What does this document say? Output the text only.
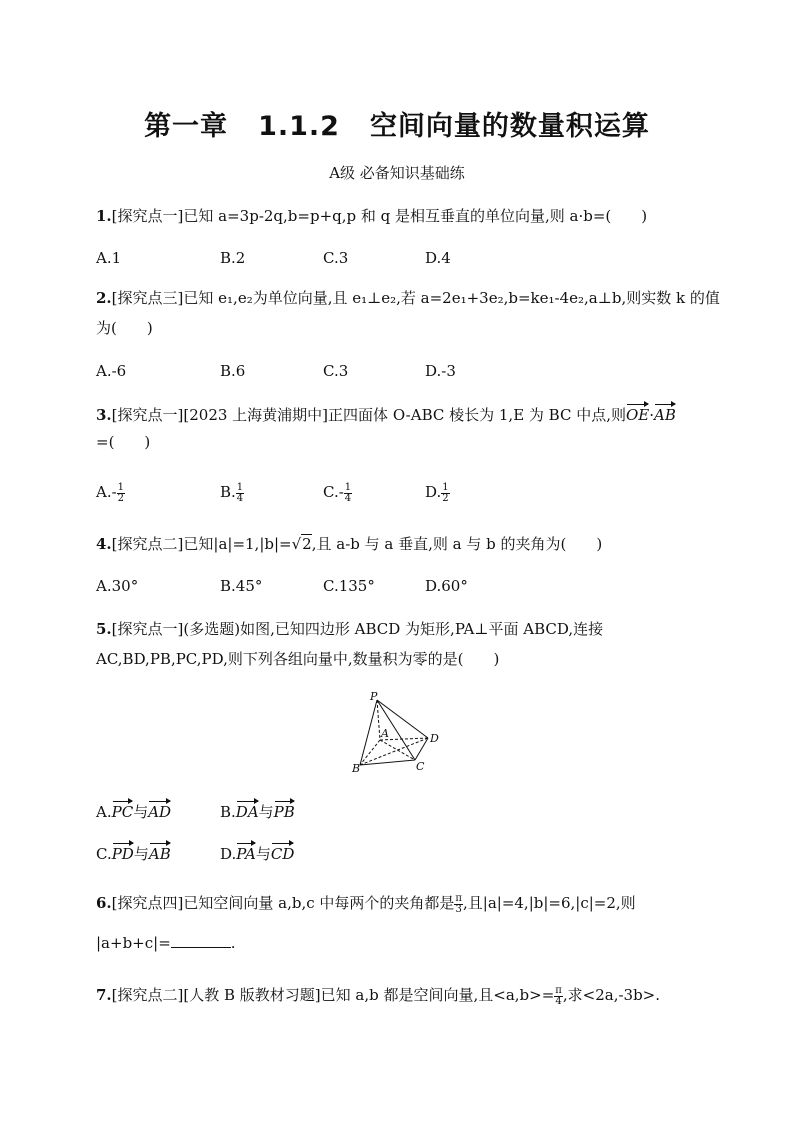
第一章 1.1.2 空间向量的数量积运算
A级 必备知识基础练
1.[探究点一]已知 a=3p-2q,b=p+q,p 和 q 是相互垂直的单位向量,则 a·b=(　　)
A.1	B.2	C.3	D.4
2.[探究点三]已知 e₁,e₂为单位向量,且 e₁⊥e₂,若 a=2e₁+3e₂,b=ke₁-4e₂,a⊥b,则实数 k 的值
为(　　)
A.-6	B.6	C.3	D.-3
3.[探究点一][2023 上海黄浦期中]正四面体 O-ABC 棱长为 1,E 为 BC 中点,则OE·AB
=(　　)
$A.- \frac{1}{2}$	B. $\frac{1}{4}$	$C.- \frac{1}{4}$	D. $\frac{1}{2}$
4.[探究点二]已知|a|=1,|b|=√2,且 a-b 与 a 垂直,则 a 与 b 的夹角为(　　)
A.30°	B.45°	C.135°	D.60°
5.[探究点一](多选题)如图,已知四边形 ABCD 为矩形,PA⊥平面 ABCD,连接
AC,BD,PB,PC,PD,则下列各组向量中,数量积为零的是(　　)
P
A	D
B	C
A.PC与AD	B.DA与PB
C.PD与AB	D.PA与CD
6.[探究点四]已知空间向量 a,b,c 中每两个的夹角都是 $\frac{\pi}{3}$ ,且|a|=4,|b|=6,|c|=2,则
|a+b+c|=	.
7.[探究点二][人教 B 版教材习题]已知 a,b 都是空间向量,且$<a,b>= \frac{\pi}{4}$ ,求<2a,-3b>.
